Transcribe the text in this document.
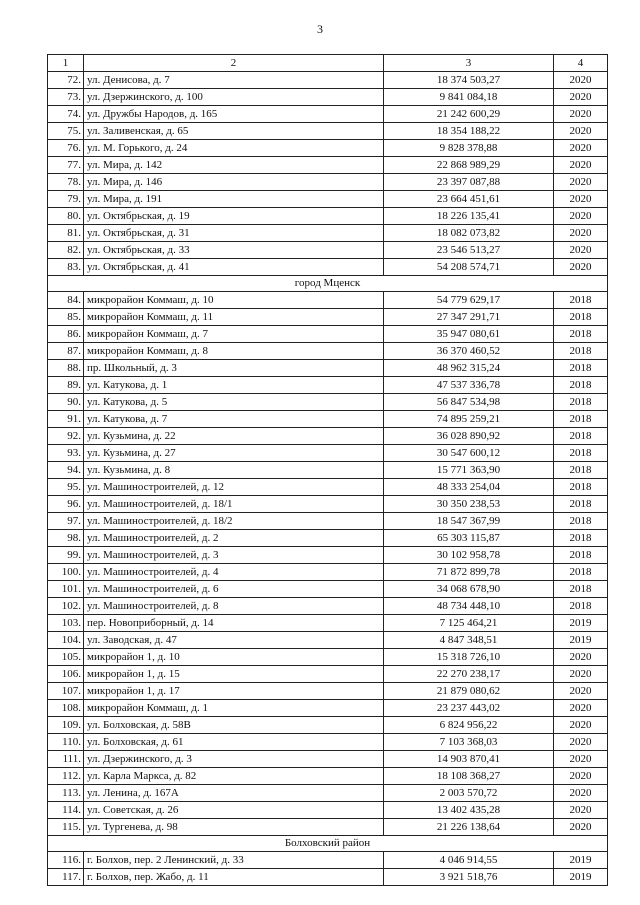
3
1	2	3	4
72.	ул. Денисова, д. 7	18 374 503,27	2020
73.	ул. Дзержинского, д. 100	9 841 084,18	2020
74.	ул. Дружбы Народов, д. 165	21 242 600,29	2020
75.	ул. Заливенская, д. 65	18 354 188,22	2020
76.	ул. М. Горького, д. 24	9 828 378,88	2020
77.	ул. Мира, д. 142	22 868 989,29	2020
78.	ул. Мира, д. 146	23 397 087,88	2020
79.	ул. Мира, д. 191	23 664 451,61	2020
80.	ул. Октябрьская, д. 19	18 226 135,41	2020
81.	ул. Октябрьская, д. 31	18 082 073,82	2020
82.	ул. Октябрьская, д. 33	23 546 513,27	2020
83.	ул. Октябрьская, д. 41	54 208 574,71	2020
город Мценск			
84.	микрорайон Коммаш, д. 10	54 779 629,17	2018
85.	микрорайон Коммаш, д. 11	27 347 291,71	2018
86.	микрорайон Коммаш, д. 7	35 947 080,61	2018
87.	микрорайон Коммаш, д. 8	36 370 460,52	2018
88.	пр. Школьный, д. 3	48 962 315,24	2018
89.	ул. Катукова, д. 1	47 537 336,78	2018
90.	ул. Катукова, д. 5	56 847 534,98	2018
91.	ул. Катукова, д. 7	74 895 259,21	2018
92.	ул. Кузьмина, д. 22	36 028 890,92	2018
93.	ул. Кузьмина, д. 27	30 547 600,12	2018
94.	ул. Кузьмина, д. 8	15 771 363,90	2018
95.	ул. Машиностроителей, д. 12	48 333 254,04	2018
96.	ул. Машиностроителей, д. 18/1	30 350 238,53	2018
97.	ул. Машиностроителей, д. 18/2	18 547 367,99	2018
98.	ул. Машиностроителей, д. 2	65 303 115,87	2018
99.	ул. Машиностроителей, д. 3	30 102 958,78	2018
100.	ул. Машиностроителей, д. 4	71 872 899,78	2018
101.	ул. Машиностроителей, д. 6	34 068 678,90	2018
102.	ул. Машиностроителей, д. 8	48 734 448,10	2018
103.	пер. Новоприборный, д. 14	7 125 464,21	2019
104.	ул. Заводская, д. 47	4 847 348,51	2019
105.	микрорайон 1, д. 10	15 318 726,10	2020
106.	микрорайон 1, д. 15	22 270 238,17	2020
107.	микрорайон 1, д. 17	21 879 080,62	2020
108.	микрорайон Коммаш, д. 1	23 237 443,02	2020
109.	ул. Болховская, д. 58В	6 824 956,22	2020
110.	ул. Болховская, д. 61	7 103 368,03	2020
111.	ул. Дзержинского, д. 3	14 903 870,41	2020
112.	ул. Карла Маркса, д. 82	18 108 368,27	2020
113.	ул. Ленина, д. 167А	2 003 570,72	2020
114.	ул. Советская, д. 26	13 402 435,28	2020
115.	ул. Тургенева, д. 98	21 226 138,64	2020
Болховский район			
116.	г. Болхов, пер. 2 Ленинский, д. 33	4 046 914,55	2019
117.	г. Болхов, пер. Жабо, д. 11	3 921 518,76	2019
